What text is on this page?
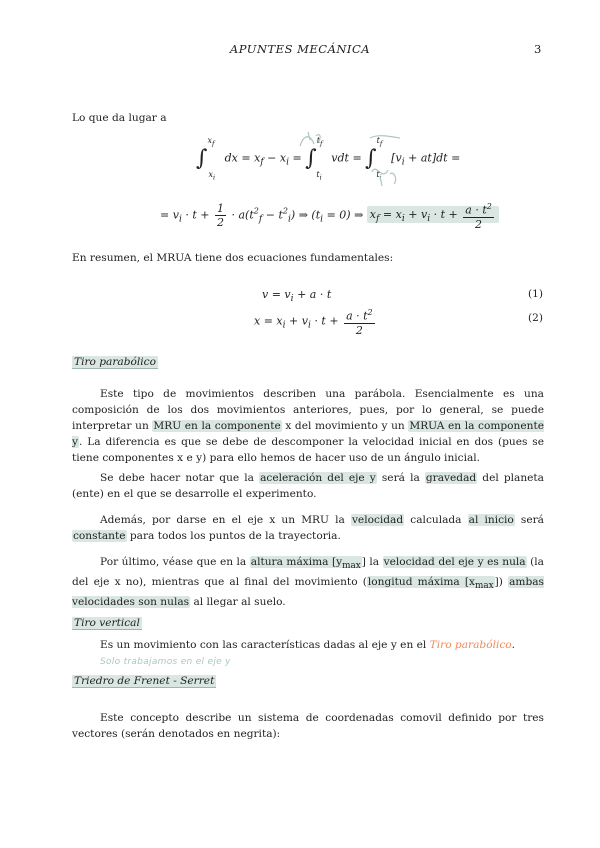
APUNTES MECÁNICA	3
Lo que da lugar a
∫$^{x_f}_{x_i}$ dx = $x_f - x_i = \int^{t_f}_{t_i}$ vdt = ∫$^{t_f}_{t_i}$ $[v_i + at]dt$ =
= $v_i \cdot t + \frac{1}{2} \cdot a(t^2_f - t^2_i)$ ⇒ $(t_i = 0)$ ⇒ $x_f = x_i + v_i \cdot t + \frac{a \cdot t^2}{2}$
En resumen, el MRUA tiene dos ecuaciones fundamentales:
$v = v_i + a \cdot t$	(1)
$x = x_i + v_i \cdot t + \frac{a \cdot t^2}{2}$	(2)
Tiro parabólico
Este tipo de movimientos describen una parábola. Esencialmente es una composición de los dos movimientos anteriores, pues, por lo general, se puede interpretar un MRU en la componente x del movimiento y un MRUA en la componente y. La diferencia es que se debe de descomponer la velocidad inicial en dos (pues se tiene componentes x e y) para ello hemos de hacer uso de un ángulo inicial.
Se debe hacer notar que la aceleración del eje y será la gravedad del planeta (ente) en el que se desarrolle el experimento.
Además, por darse en el eje x un MRU la velocidad calculada al inicio será constante para todos los puntos de la trayectoria.
Por último, véase que en la altura máxima $[y_{max}]$ la velocidad del eje y es nula (la del eje x no), mientras que al final del movimiento (longitud máxima $[x_{max}]$) ambas velocidades son nulas al llegar al suelo.
Tiro vertical
Es un movimiento con las características dadas al eje y en el Tiro parabólico.
Solo trabajamos en el eje y
Triedro de Frenet - Serret
Este concepto describe un sistema de coordenadas comovil definido por tres vectores (serán denotados en negrita):
